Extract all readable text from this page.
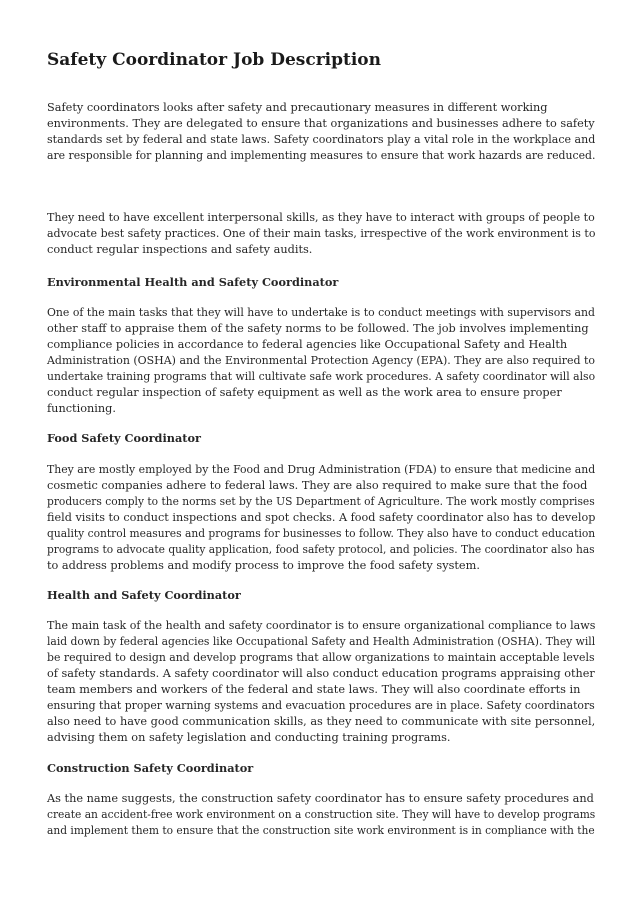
Safety Coordinator Job Description

Safety coordinators looks after safety and precautionary measures in different working
environments. They are delegated to ensure that organizations and businesses adhere to safety standards set by federal and state laws. Safety coordinators play a vital role in the workplace and are responsible for planning and implementing measures to ensure that work hazards are reduced.

They need to have excellent interpersonal skills, as they have to interact with groups of people to advocate best safety practices. One of their main tasks, irrespective of the work environment is to
conduct regular inspections and safety audits.

Environmental Health and Safety Coordinator

One of the main tasks that they will have to undertake is to conduct meetings with supervisors and
other staff to appraise them of the safety norms to be followed. The job involves implementing
compliance policies in accordance to federal agencies like Occupational Safety and Health
Administration (OSHA) and the Environmental Protection Agency (EPA). They are also required to undertake training programs that will cultivate safe work procedures. A safety coordinator will also
conduct regular inspection of safety equipment as well as the work area to ensure proper
functioning.

Food Safety Coordinator

They are mostly employed by the Food and Drug Administration (FDA) to ensure that medicine and
cosmetic companies adhere to federal laws. They are also required to make sure that the food
producers comply to the norms set by the US Department of Agriculture. The work mostly comprises field visits to conduct inspections and spot checks. A food safety coordinator also has to develop quality control measures and programs for businesses to follow. They also have to conduct education programs to advocate quality application, food safety protocol, and policies. The coordinator also has
to address problems and modify process to improve the food safety system.

Health and Safety Coordinator

The main task of the health and safety coordinator is to ensure organizational compliance to laws laid down by federal agencies like Occupational Safety and Health Administration (OSHA). They will be required to design and develop programs that allow organizations to maintain acceptable levels of safety standards. A safety coordinator will also conduct education programs appraising other
team members and workers of the federal and state laws. They will also coordinate efforts in
ensuring that proper warning systems and evacuation procedures are in place. Safety coordinators
also need to have good communication skills, as they need to communicate with site personnel,
advising them on safety legislation and conducting training programs.

Construction Safety Coordinator

As the name suggests, the construction safety coordinator has to ensure safety procedures and
create an accident-free work environment on a construction site. They will have to develop programs and implement them to ensure that the construction site work environment is in compliance with the
